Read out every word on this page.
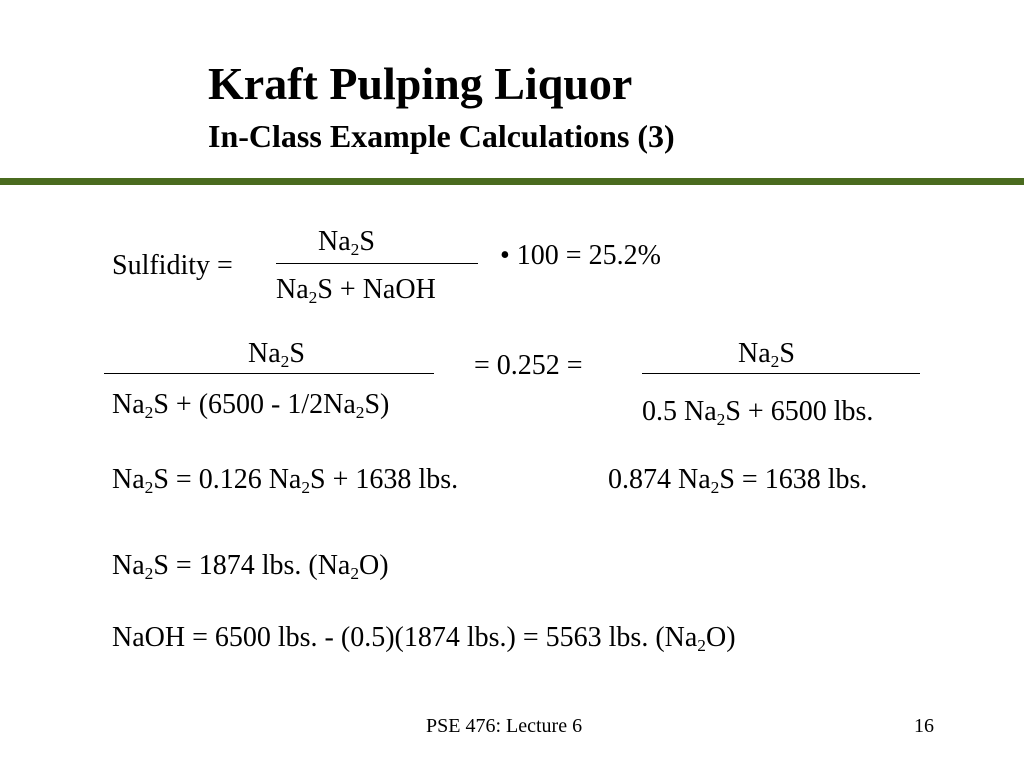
Kraft Pulping Liquor
In-Class Example Calculations (3)
Sulfidity =
$Na_2S$
$Na_2S$ + NaOH
• 100 = 25.2%
$Na_2S$
$Na_2S + (6500 - 1/2Na_2S)$
= 0.252 =	$Na_2S$
0.5 $Na_2S + 6500$ lbs.
$Na_2S = 0.126$ $Na_2S + 1638$ lbs.	0.874 $Na_2S = 1638$ lbs.
$Na_2S = 1874$ lbs. $(Na_2O)$
NaOH = 6500 lbs. - (0.5)(1874 lbs.) = 5563 lbs. $(Na_2O)$
PSE 476: Lecture 6	16
